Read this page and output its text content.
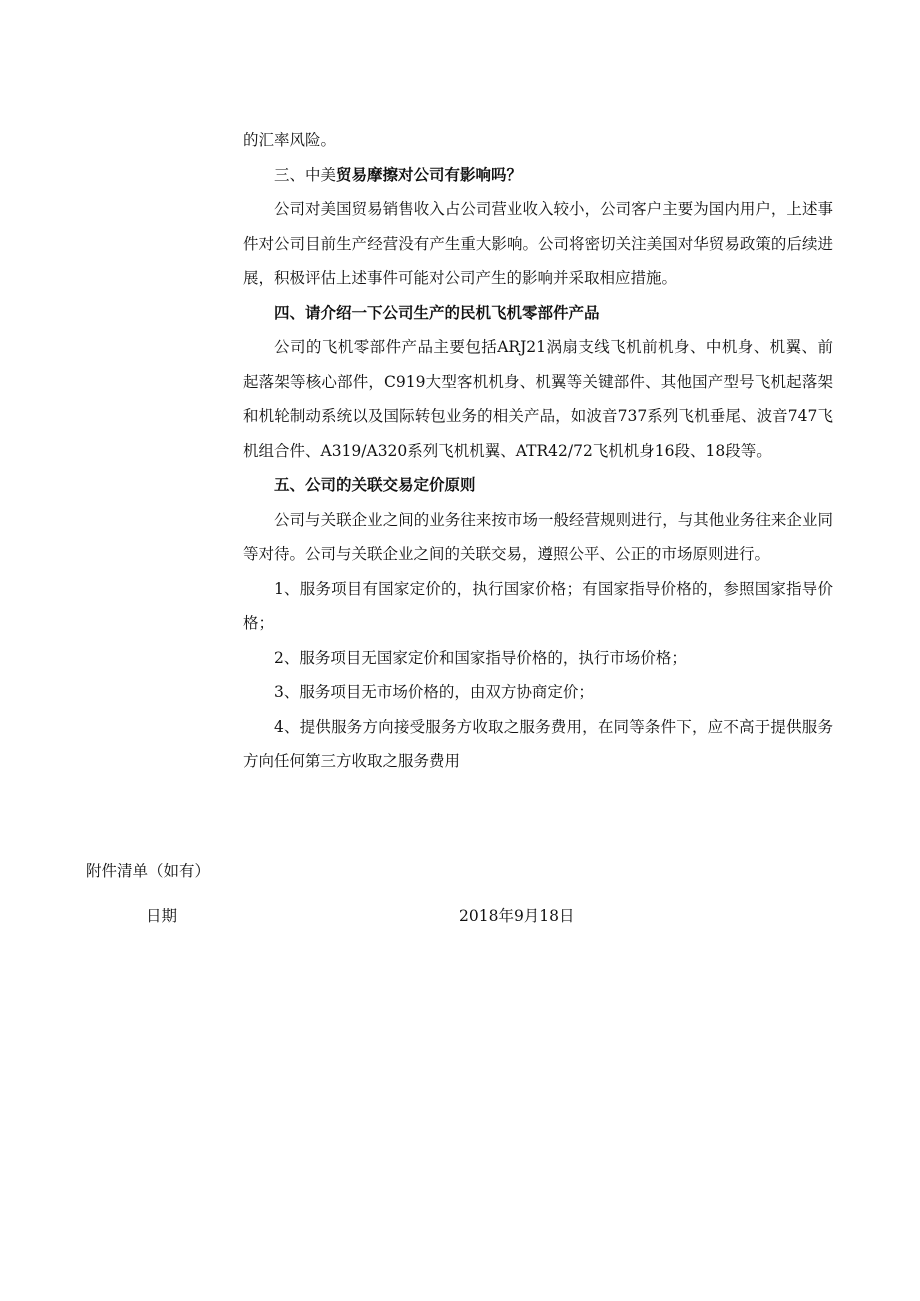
的汇率风险。

三、中美贸易摩擦对公司有影响吗？

公司对美国贸易销售收入占公司营业收入较小，公司客户主要为国内用户，上述事件对公司目前生产经营没有产生重大影响。公司将密切关注美国对华贸易政策的后续进展，积极评估上述事件可能对公司产生的影响并采取相应措施。

四、请介绍一下公司生产的民机飞机零部件产品

公司的飞机零部件产品主要包括ARJ21涡扇支线飞机前机身、中机身、机翼、前起落架等核心部件，C919大型客机机身、机翼等关键部件、其他国产型号飞机起落架和机轮制动系统以及国际转包业务的相关产品，如波音737系列飞机垂尾、波音747飞机组合件、A319/A320系列飞机机翼、ATR42/72飞机机身16段、18段等。

五、公司的关联交易定价原则

公司与关联企业之间的业务往来按市场一般经营规则进行，与其他业务往来企业同等对待。公司与关联企业之间的关联交易，遵照公平、公正的市场原则进行。

1、服务项目有国家定价的，执行国家价格；有国家指导价格的，参照国家指导价格；

2、服务项目无国家定价和国家指导价格的，执行市场价格；

3、服务项目无市场价格的，由双方协商定价；

4、提供服务方向接受服务方收取之服务费用，在同等条件下，应不高于提供服务方向任何第三方收取之服务费用

附件清单（如有）
日期	2018年9月18日
